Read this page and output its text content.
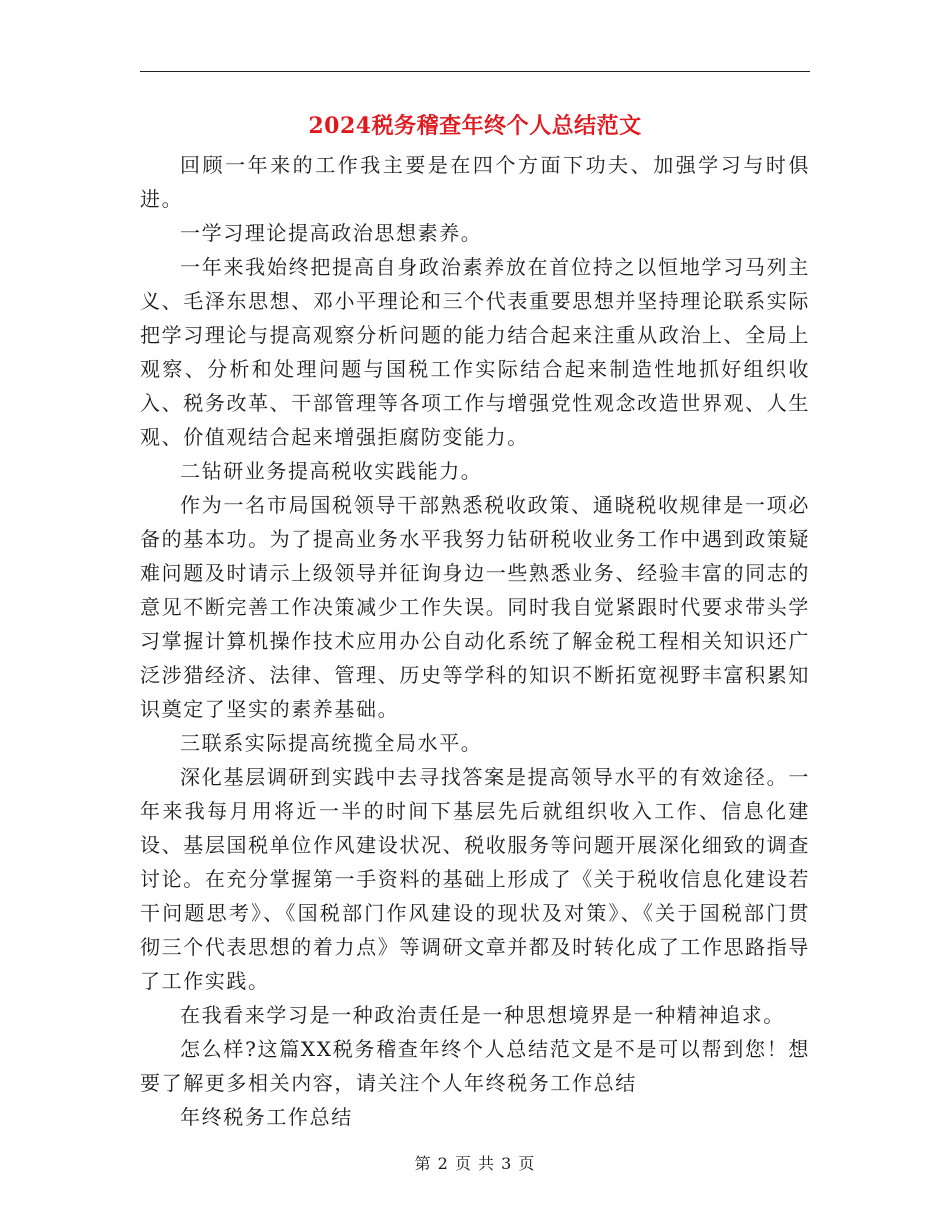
2024税务稽查年终个人总结范文

回顾一年来的工作我主要是在四个方面下功夫、加强学习与时俱进。

一学习理论提高政治思想素养。

一年来我始终把提高自身政治素养放在首位持之以恒地学习马列主义、毛泽东思想、邓小平理论和三个代表重要思想并坚持理论联系实际把学习理论与提高观察分析问题的能力结合起来注重从政治上、全局上观察、分析和处理问题与国税工作实际结合起来制造性地抓好组织收入、税务改革、干部管理等各项工作与增强党性观念改造世界观、人生观、价值观结合起来增强拒腐防变能力。

二钻研业务提高税收实践能力。

作为一名市局国税领导干部熟悉税收政策、通晓税收规律是一项必备的基本功。为了提高业务水平我努力钻研税收业务工作中遇到政策疑难问题及时请示上级领导并征询身边一些熟悉业务、经验丰富的同志的意见不断完善工作决策减少工作失误。同时我自觉紧跟时代要求带头学习掌握计算机操作技术应用办公自动化系统了解金税工程相关知识还广泛涉猎经济、法律、管理、历史等学科的知识不断拓宽视野丰富积累知识奠定了坚实的素养基础。

三联系实际提高统揽全局水平。

深化基层调研到实践中去寻找答案是提高领导水平的有效途径。一年来我每月用将近一半的时间下基层先后就组织收入工作、信息化建设、基层国税单位作风建设状况、税收服务等问题开展深化细致的调查讨论。在充分掌握第一手资料的基础上形成了《关于税收信息化建设若干问题思考》、《国税部门作风建设的现状及对策》、《关于国税部门贯彻三个代表思想的着力点》等调研文章并都及时转化成了工作思路指导了工作实践。

在我看来学习是一种政治责任是一种思想境界是一种精神追求。

怎么样?这篇XX税务稽查年终个人总结范文是不是可以帮到您！想要了解更多相关内容，请关注个人年终税务工作总结

年终税务工作总结

第 2 页 共 3 页
